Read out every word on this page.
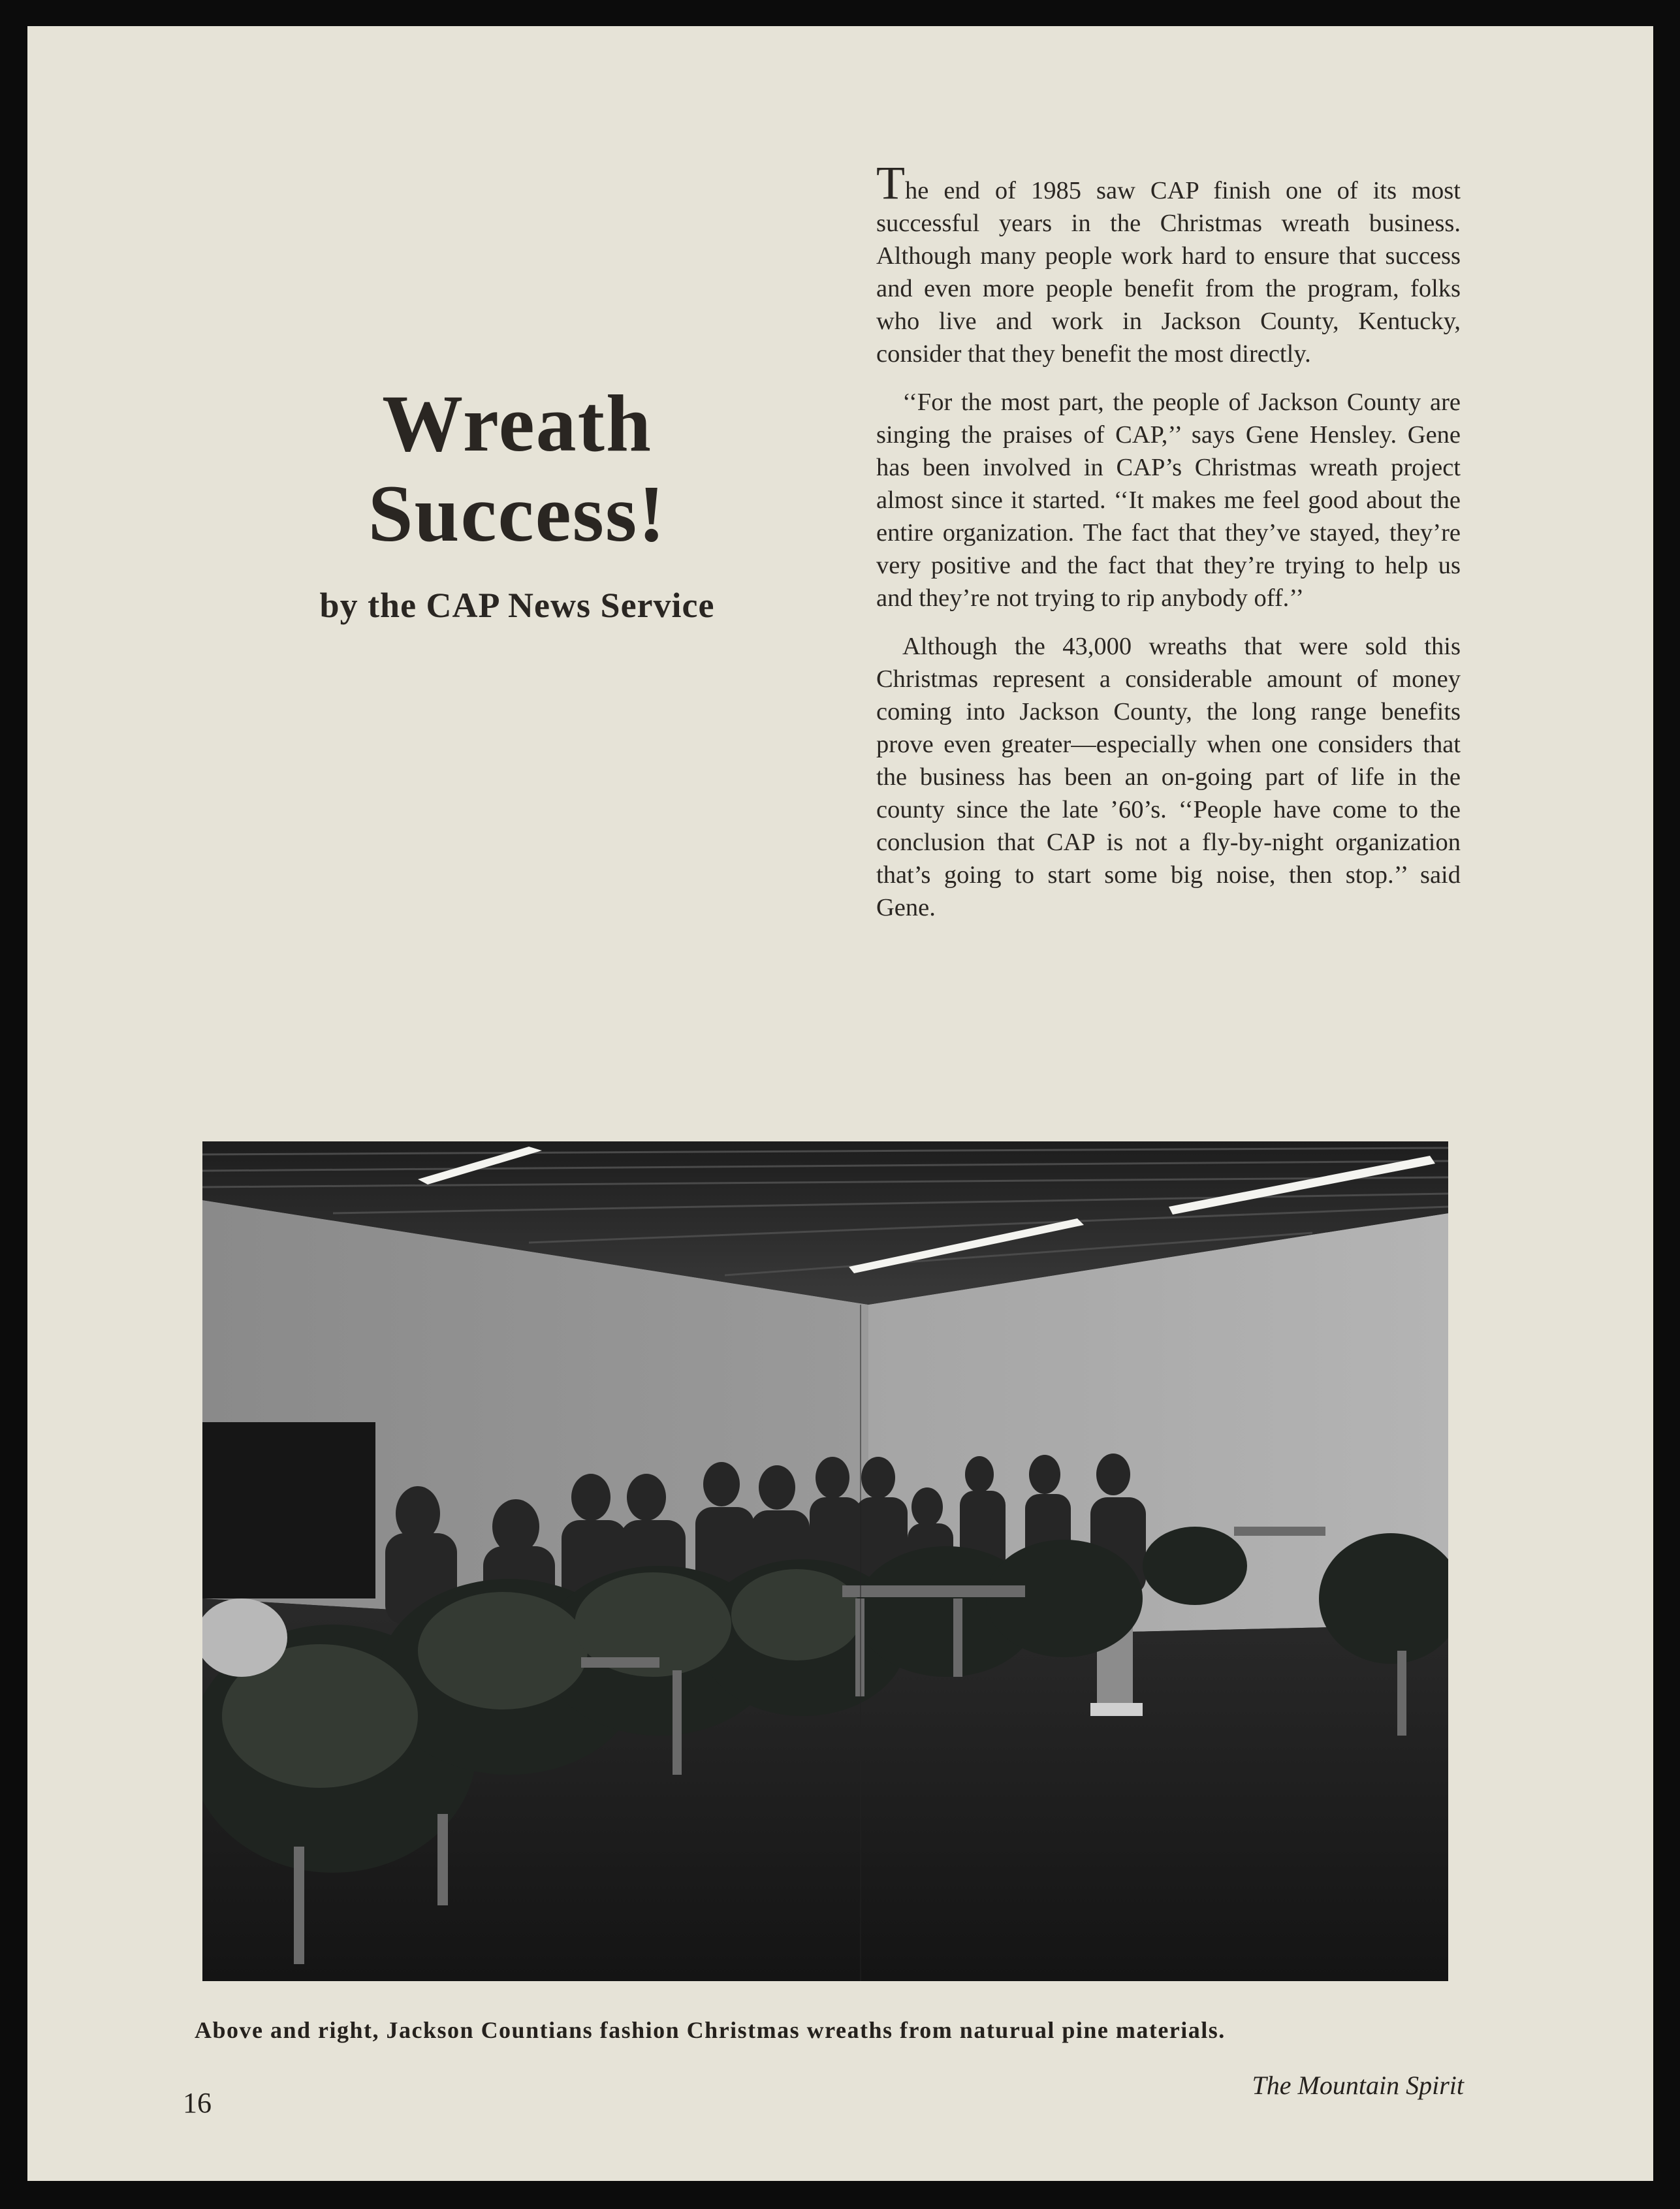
Wreath
Success!
by the CAP News Service

The end of 1985 saw CAP finish one of its most successful years in the Christmas wreath business. Although many people work hard to ensure that success and even more people benefit from the program, folks who live and work in Jackson County, Kentucky, consider that they benefit the most directly.

‘‘For the most part, the people of Jackson County are singing the praises of CAP,’’ says Gene Hensley. Gene has been involved in CAP’s Christmas wreath project almost since it started. ‘‘It makes me feel good about the entire organization. The fact that they’ve stayed, they’re very positive and the fact that they’re trying to help us and they’re not trying to rip anybody off.’’

Although the 43,000 wreaths that were sold this Christmas represent a considerable amount of money coming into Jackson County, the long range benefits prove even greater—especially when one considers that the business has been an on-going part of life in the county since the late ’60’s. ‘‘People have come to the conclusion that CAP is not a fly-by-night organization that’s going to start some big noise, then stop.’’ said Gene.

Above and right, Jackson Countians fashion Christmas wreaths from naturual pine materials.
16
The Mountain Spirit
